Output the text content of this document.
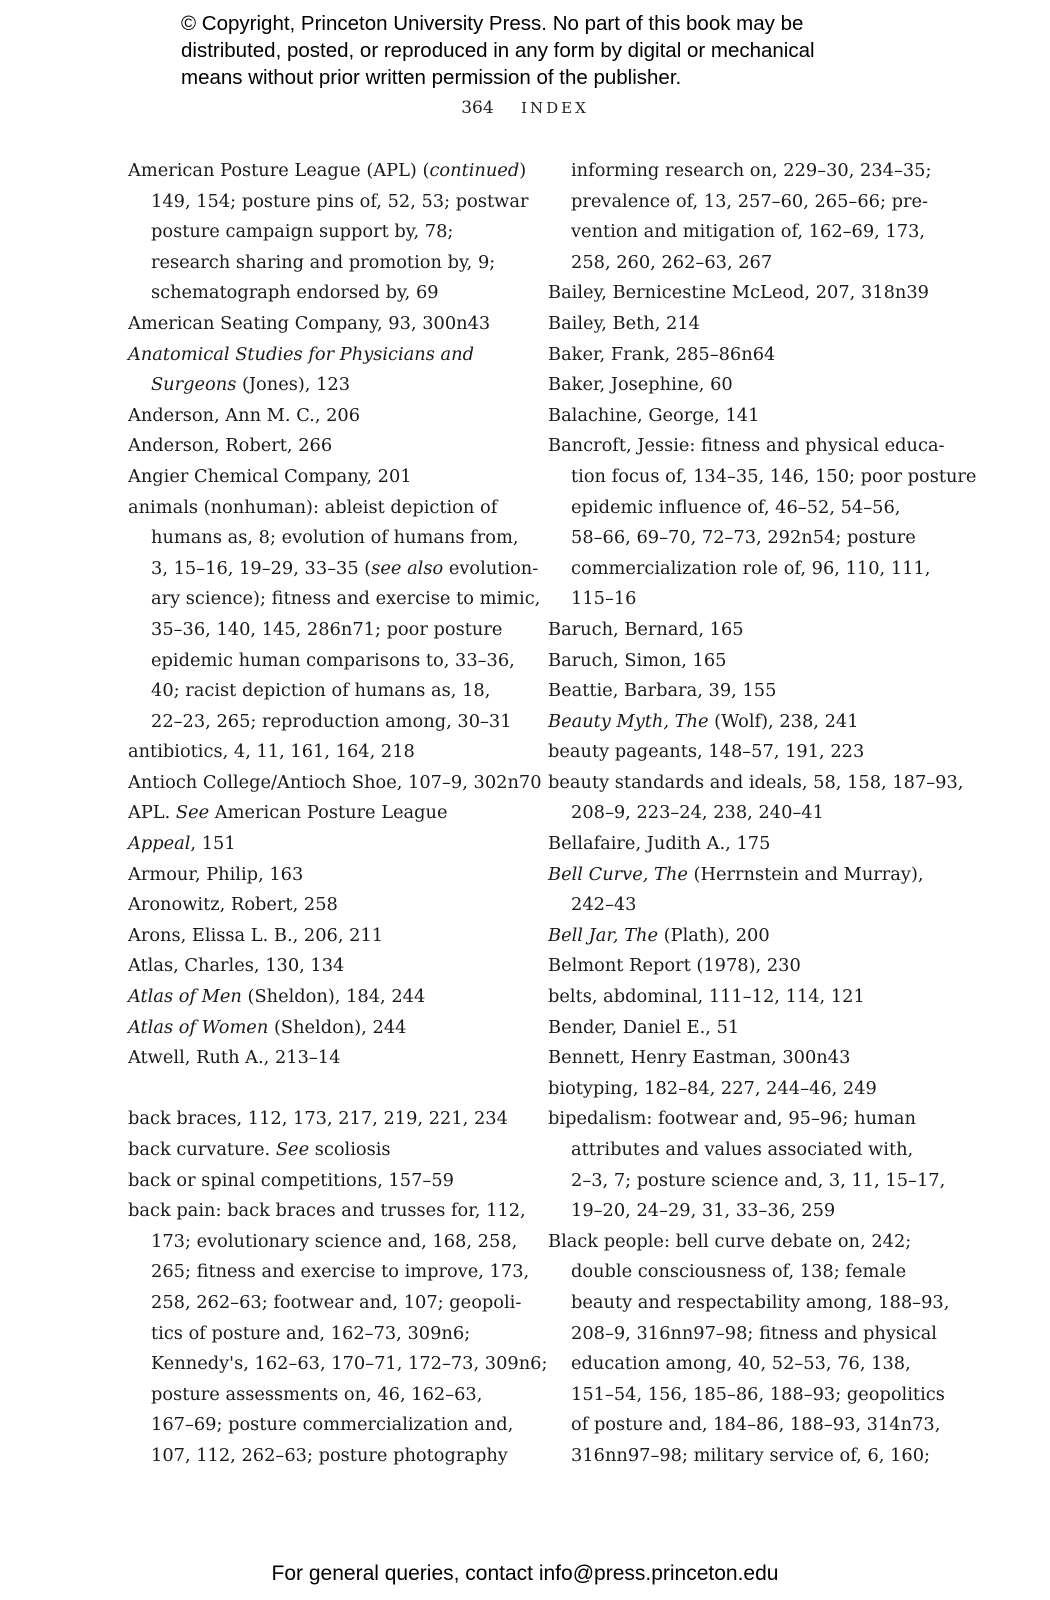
© Copyright, Princeton University Press. No part of this book may be
distributed, posted, or reproduced in any form by digital or mechanical
means without prior written permission of the publisher.
364 INDEX
American Posture League (APL) (continued)
149, 154; posture pins of, 52, 53; postwar
posture campaign support by, 78;
research sharing and promotion by, 9;
schematograph endorsed by, 69
American Seating Company, 93, 300n43
Anatomical Studies for Physicians and
Surgeons (Jones), 123
Anderson, Ann M. C., 206
Anderson, Robert, 266
Angier Chemical Company, 201
animals (nonhuman): ableist depiction of
humans as, 8; evolution of humans from,
3, 15–16, 19–29, 33–35 (see also evolution-
ary science); fitness and exercise to mimic,
35–36, 140, 145, 286n71; poor posture
epidemic human comparisons to, 33–36,
40; racist depiction of humans as, 18,
22–23, 265; reproduction among, 30–31
antibiotics, 4, 11, 161, 164, 218
Antioch College/Antioch Shoe, 107–9, 302n70
APL. See American Posture League
Appeal, 151
Armour, Philip, 163
Aronowitz, Robert, 258
Arons, Elissa L. B., 206, 211
Atlas, Charles, 130, 134
Atlas of Men (Sheldon), 184, 244
Atlas of Women (Sheldon), 244
Atwell, Ruth A., 213–14
back braces, 112, 173, 217, 219, 221, 234
back curvature. See scoliosis
back or spinal competitions, 157–59
back pain: back braces and trusses for, 112,
173; evolutionary science and, 168, 258,
265; fitness and exercise to improve, 173,
258, 262–63; footwear and, 107; geopoli-
tics of posture and, 162–73, 309n6;
Kennedy's, 162–63, 170–71, 172–73, 309n6;
posture assessments on, 46, 162–63,
167–69; posture commercialization and,
107, 112, 262–63; posture photography
informing research on, 229–30, 234–35;
prevalence of, 13, 257–60, 265–66; pre-
vention and mitigation of, 162–69, 173,
258, 260, 262–63, 267
Bailey, Bernicestine McLeod, 207, 318n39
Bailey, Beth, 214
Baker, Frank, 285–86n64
Baker, Josephine, 60
Balachine, George, 141
Bancroft, Jessie: fitness and physical educa-
tion focus of, 134–35, 146, 150; poor posture
epidemic influence of, 46–52, 54–56,
58–66, 69–70, 72–73, 292n54; posture
commercialization role of, 96, 110, 111,
115–16
Baruch, Bernard, 165
Baruch, Simon, 165
Beattie, Barbara, 39, 155
Beauty Myth, The (Wolf), 238, 241
beauty pageants, 148–57, 191, 223
beauty standards and ideals, 58, 158, 187–93,
208–9, 223–24, 238, 240–41
Bellafaire, Judith A., 175
Bell Curve, The (Herrnstein and Murray),
242–43
Bell Jar, The (Plath), 200
Belmont Report (1978), 230
belts, abdominal, 111–12, 114, 121
Bender, Daniel E., 51
Bennett, Henry Eastman, 300n43
biotyping, 182–84, 227, 244–46, 249
bipedalism: footwear and, 95–96; human
attributes and values associated with,
2–3, 7; posture science and, 3, 11, 15–17,
19–20, 24–29, 31, 33–36, 259
Black people: bell curve debate on, 242;
double consciousness of, 138; female
beauty and respectability among, 188–93,
208–9, 316nn97–98; fitness and physical
education among, 40, 52–53, 76, 138,
151–54, 156, 185–86, 188–93; geopolitics
of posture and, 184–86, 188–93, 314n73,
316nn97–98; military service of, 6, 160;
For general queries, contact info@press.princeton.edu
